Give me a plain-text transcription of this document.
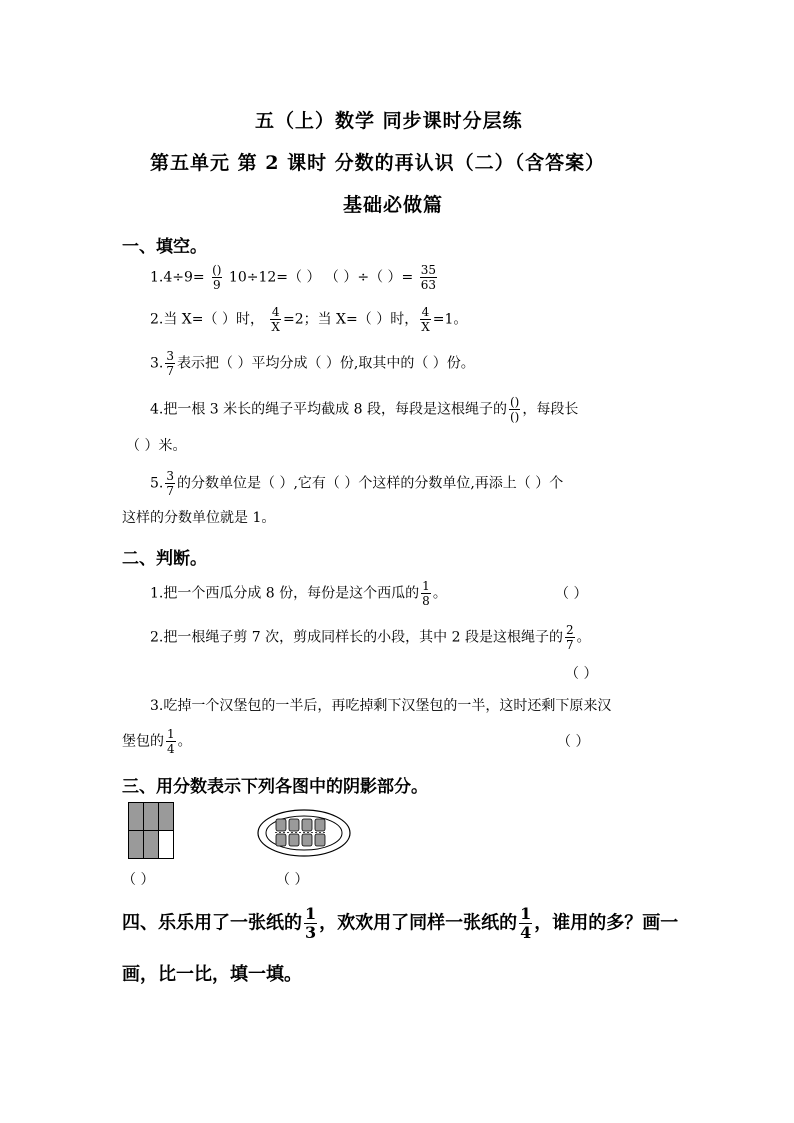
五（上）数学 同步课时分层练
第五单元 第 2 课时 分数的再认识（二）（含答案）
基础必做篇
一、填空。
$1.4\div 9= \frac{()}{9} 10\div 12=$（ ） （ ）÷（ ）= $\frac{35}{63}$
2.当 X=（ ）时， $\frac{4}{X} =2$；当 X=（ ）时， $\frac{4}{X} =1$。
3. $\frac{3}{7}$ 表示把（ ）平均分成（ ）份,取其中的（ ）份。
4.把一根 3 米长的绳子平均截成 8 段，每段是这根绳子的 $\frac{()}{()}$ ，每段长
（ ）米。
5. $\frac{3}{7}$ 的分数单位是（ ）,它有（ ）个这样的分数单位,再添上（ ）个
这样的分数单位就是 1。
二、判断。
1.把一个西瓜分成 8 份，每份是这个西瓜的 $\frac{1}{8}$ 。	（ ）
2.把一根绳子剪 7 次，剪成同样长的小段，其中 2 段是这根绳子的 $\frac{2}{7}$ 。
（ ）
3.吃掉一个汉堡包的一半后，再吃掉剩下汉堡包的一半，这时还剩下原来汉
堡包的 $\frac{1}{4}$ 。	（ ）
三、用分数表示下列各图中的阴影部分。
（ ）	（ ）
四、乐乐用了一张纸的 $\frac{1}{3}$ ，欢欢用了同样一张纸的 $\frac{1}{4}$ ，谁用的多？画一
画，比一比，填一填。
